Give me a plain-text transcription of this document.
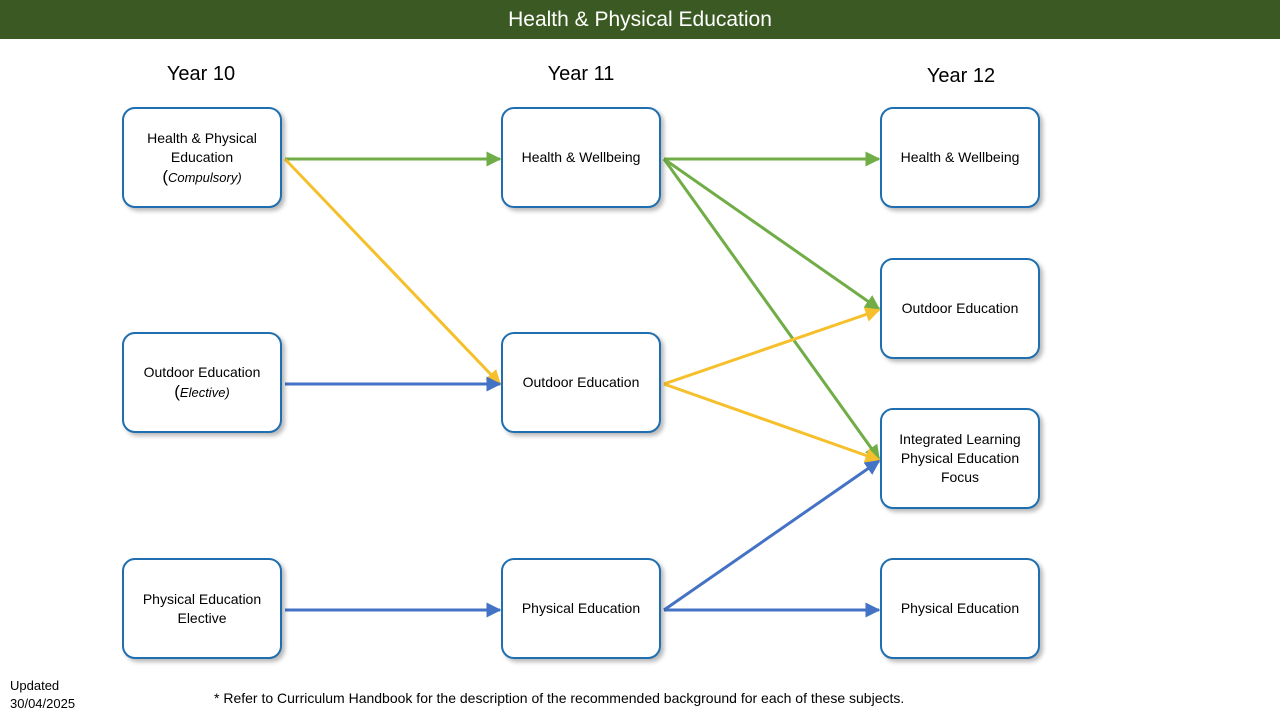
Health & Physical Education
Year 10	Year 11	Year 12
Health & Physical
Education
(Compulsory)
Outdoor Education
(Elective)
Physical Education
Elective
Health & Wellbeing
Outdoor Education
Physical Education
Health & Wellbeing
Outdoor Education
Integrated Learning
Physical Education
Focus
Physical Education
Updated
30/04/2025	* Refer to Curriculum Handbook for the description of the recommended background for each of these subjects.
